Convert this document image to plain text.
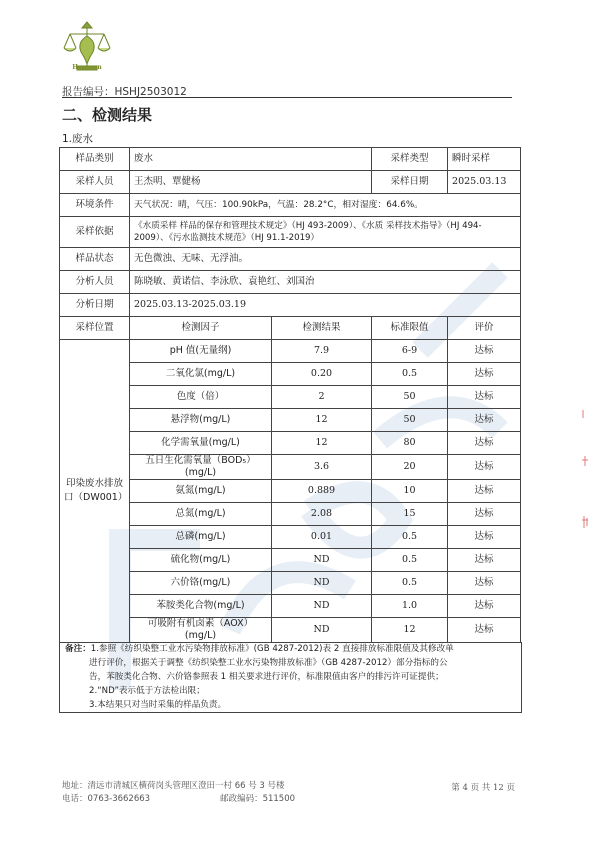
Hengsen
报告编号：HSHJ2503012
二、检测结果
1.废水
样品类别	废水		采样类型	瞬时采样
采样人员	王杰明、覃健杨		采样日期	2025.03.13
环境条件	天气状况：晴，气压：100.90kPa，气温：28.2°C，相对湿度：64.6%。			
采样依据	《水质采样 样品的保存和管理技术规定》（HJ 493-2009）、《水质 采样技术指导》（HJ 494-2009）、《污水监测技术规范》（HJ 91.1-2019）			
样品状态	无色微浊、无味、无浮油。			
分析人员	陈晓敏、黄诺信、李泳欣、袁艳红、刘国治			
分析日期	2025.03.13-2025.03.19			
采样位置	检测因子	检测结果	标准限值	评价
印染废水排放口（DW001）	pH 值(无量纲)	7.9	6-9	达标
	二氧化氯(mg/L)	0.20	0.5	达标
	色度（倍）	2	50	达标
	悬浮物(mg/L)	12	50	达标
	化学需氧量(mg/L)	12	80	达标
	五日生化需氧量（BOD₅）(mg/L)	3.6	20	达标
	氨氮(mg/L)	0.889	10	达标
	总氮(mg/L)	2.08	15	达标
	总磷(mg/L)	0.01	0.5	达标
	硫化物(mg/L)	ND	0.5	达标
	六价铬(mg/L)	ND	0.5	达标
	苯胺类化合物(mg/L)	ND	1.0	达标
	可吸附有机卤素（AOX）(mg/L)	ND	12	达标
备注：1.参照《纺织染整工业水污染物排放标准》(GB 4287-2012)表 2 直接排放标准限值及其修改单
进行评价，根据关于调整《纺织染整工业水污染物排放标准》（GB 4287-2012）部分指标的公
告，苯胺类化合物、六价铬参照表 1 相关要求进行评价，标准限值由客户的排污许可证提供；
2.“ND”表示低于方法检出限；
3.本结果只对当时采集的样品负责。
地址：清远市清城区横荷岗头管理区澄田一村 66 号 3 号楼
电话：0763-3662663	邮政编码：511500
第 4 页 共 12 页
